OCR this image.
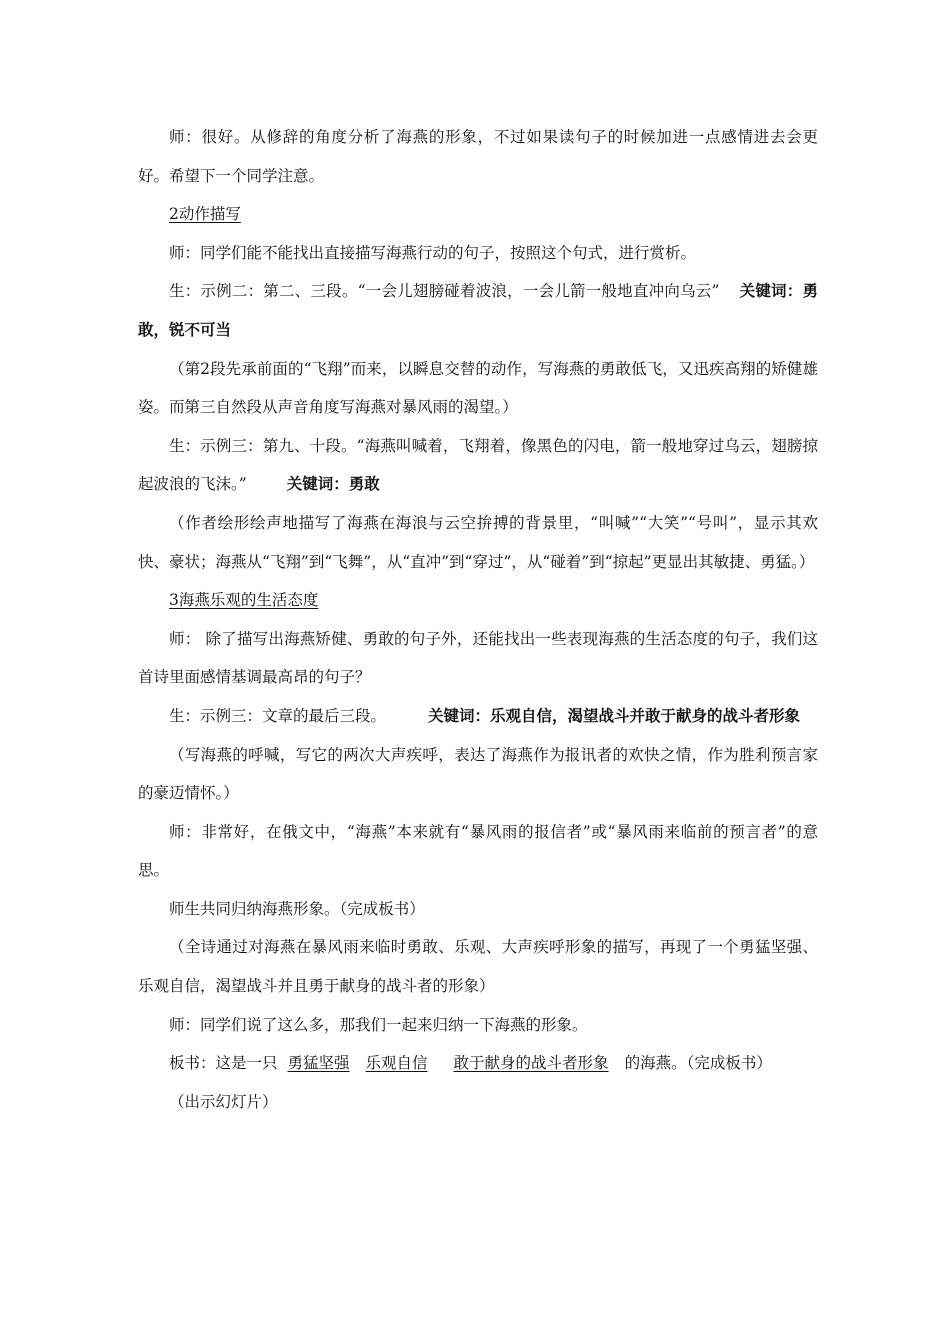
师：很好。从修辞的角度分析了海燕的形象，不过如果读句子的时候加进一点感情进去会更好。希望下一个同学注意。

2动作描写

师：同学们能不能找出直接描写海燕行动的句子，按照这个句式，进行赏析。

生：示例二：第二、三段。“一会儿翅膀碰着波浪，一会儿箭一般地直冲向乌云” 关键词：勇敢，锐不可当

（第2段先承前面的“飞翔”而来，以瞬息交替的动作，写海燕的勇敢低飞，又迅疾高翔的矫健雄姿。而第三自然段从声音角度写海燕对暴风雨的渴望。）

生：示例三：第九、十段。“海燕叫喊着，飞翔着，像黑色的闪电，箭一般地穿过乌云，翅膀掠起波浪的飞沫。”	关键词：勇敢

（作者绘形绘声地描写了海燕在海浪与云空拚搏的背景里，“叫喊”“大笑”“号叫”，显示其欢快、豪状；海燕从“飞翔”到“飞舞”，从“直冲”到“穿过”，从“碰着”到“掠起”更显出其敏捷、勇猛。）

3海燕乐观的生活态度

师： 除了描写出海燕矫健、勇敢的句子外，还能找出一些表现海燕的生活态度的句子，我们这首诗里面感情基调最高昂的句子？

生：示例三：文章的最后三段。	关键词：乐观自信，渴望战斗并敢于献身的战斗者形象

（写海燕的呼喊，写它的两次大声疾呼，表达了海燕作为报讯者的欢快之情，作为胜利预言家的豪迈情怀。）

师：非常好，在俄文中，“海燕”本来就有“暴风雨的报信者”或“暴风雨来临前的预言者”的意思。

师生共同归纳海燕形象。（完成板书）

（全诗通过对海燕在暴风雨来临时勇敢、乐观、大声疾呼形象的描写，再现了一个勇猛坚强、乐观自信，渴望战斗并且勇于献身的战斗者的形象）

师：同学们说了这么多，那我们一起来归纳一下海燕的形象。

板书：这是一只 勇猛坚强 乐观自信 敢于献身的战斗者形象 的海燕。（完成板书）

（出示幻灯片）
